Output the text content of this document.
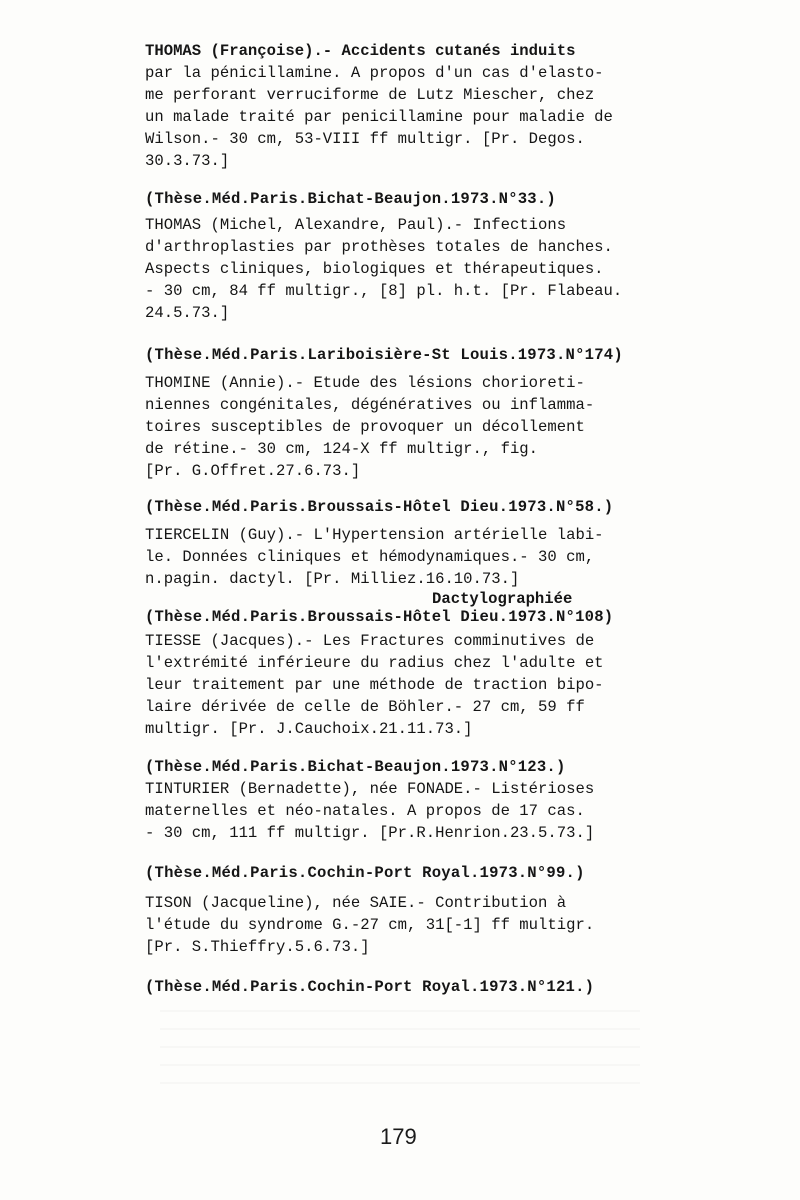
THOMAS (Françoise).- Accidents cutanés induits
par la pénicillamine. A propos d'un cas d'elasto-
me perforant verruciforme de Lutz Miescher, chez
un malade traité par penicillamine pour maladie de
Wilson.- 30 cm, 53-VIII ff multigr. [Pr. Degos.
30.3.73.]
(Thèse.Méd.Paris.Bichat-Beaujon.1973.N°33.)
THOMAS (Michel, Alexandre, Paul).- Infections
d'arthroplasties par prothèses totales de hanches.
Aspects cliniques, biologiques et thérapeutiques.
- 30 cm, 84 ff multigr., [8] pl. h.t. [Pr. Flabeau.
24.5.73.]
(Thèse.Méd.Paris.Lariboisière-St Louis.1973.N°174)
THOMINE (Annie).- Etude des lésions chorioreti-
niennes congénitales, dégénératives ou inflamma-
toires susceptibles de provoquer un décollement
de rétine.- 30 cm, 124-X ff multigr., fig.
[Pr. G.Offret.27.6.73.]
(Thèse.Méd.Paris.Broussais-Hôtel Dieu.1973.N°58.)
TIERCELIN (Guy).- L'Hypertension artérielle labi-
le. Données cliniques et hémodynamiques.- 30 cm,
n.pagin. dactyl. [Pr. Milliez.16.10.73.]
Dactylographiée
(Thèse.Méd.Paris.Broussais-Hôtel Dieu.1973.N°108)
TIESSE (Jacques).- Les Fractures comminutives de
l'extrémité inférieure du radius chez l'adulte et
leur traitement par une méthode de traction bipo-
laire dérivée de celle de Böhler.- 27 cm, 59 ff
multigr. [Pr. J.Cauchoix.21.11.73.]
(Thèse.Méd.Paris.Bichat-Beaujon.1973.N°123.)
TINTURIER (Bernadette), née FONADE.- Listérioses
maternelles et néo-natales. A propos de 17 cas.
- 30 cm, 111 ff multigr. [Pr.R.Henrion.23.5.73.]
(Thèse.Méd.Paris.Cochin-Port Royal.1973.N°99.)
TISON (Jacqueline), née SAIE.- Contribution à
l'étude du syndrome G.-27 cm, 31[-1] ff multigr.
[Pr. S.Thieffry.5.6.73.]
(Thèse.Méd.Paris.Cochin-Port Royal.1973.N°121.)
179
